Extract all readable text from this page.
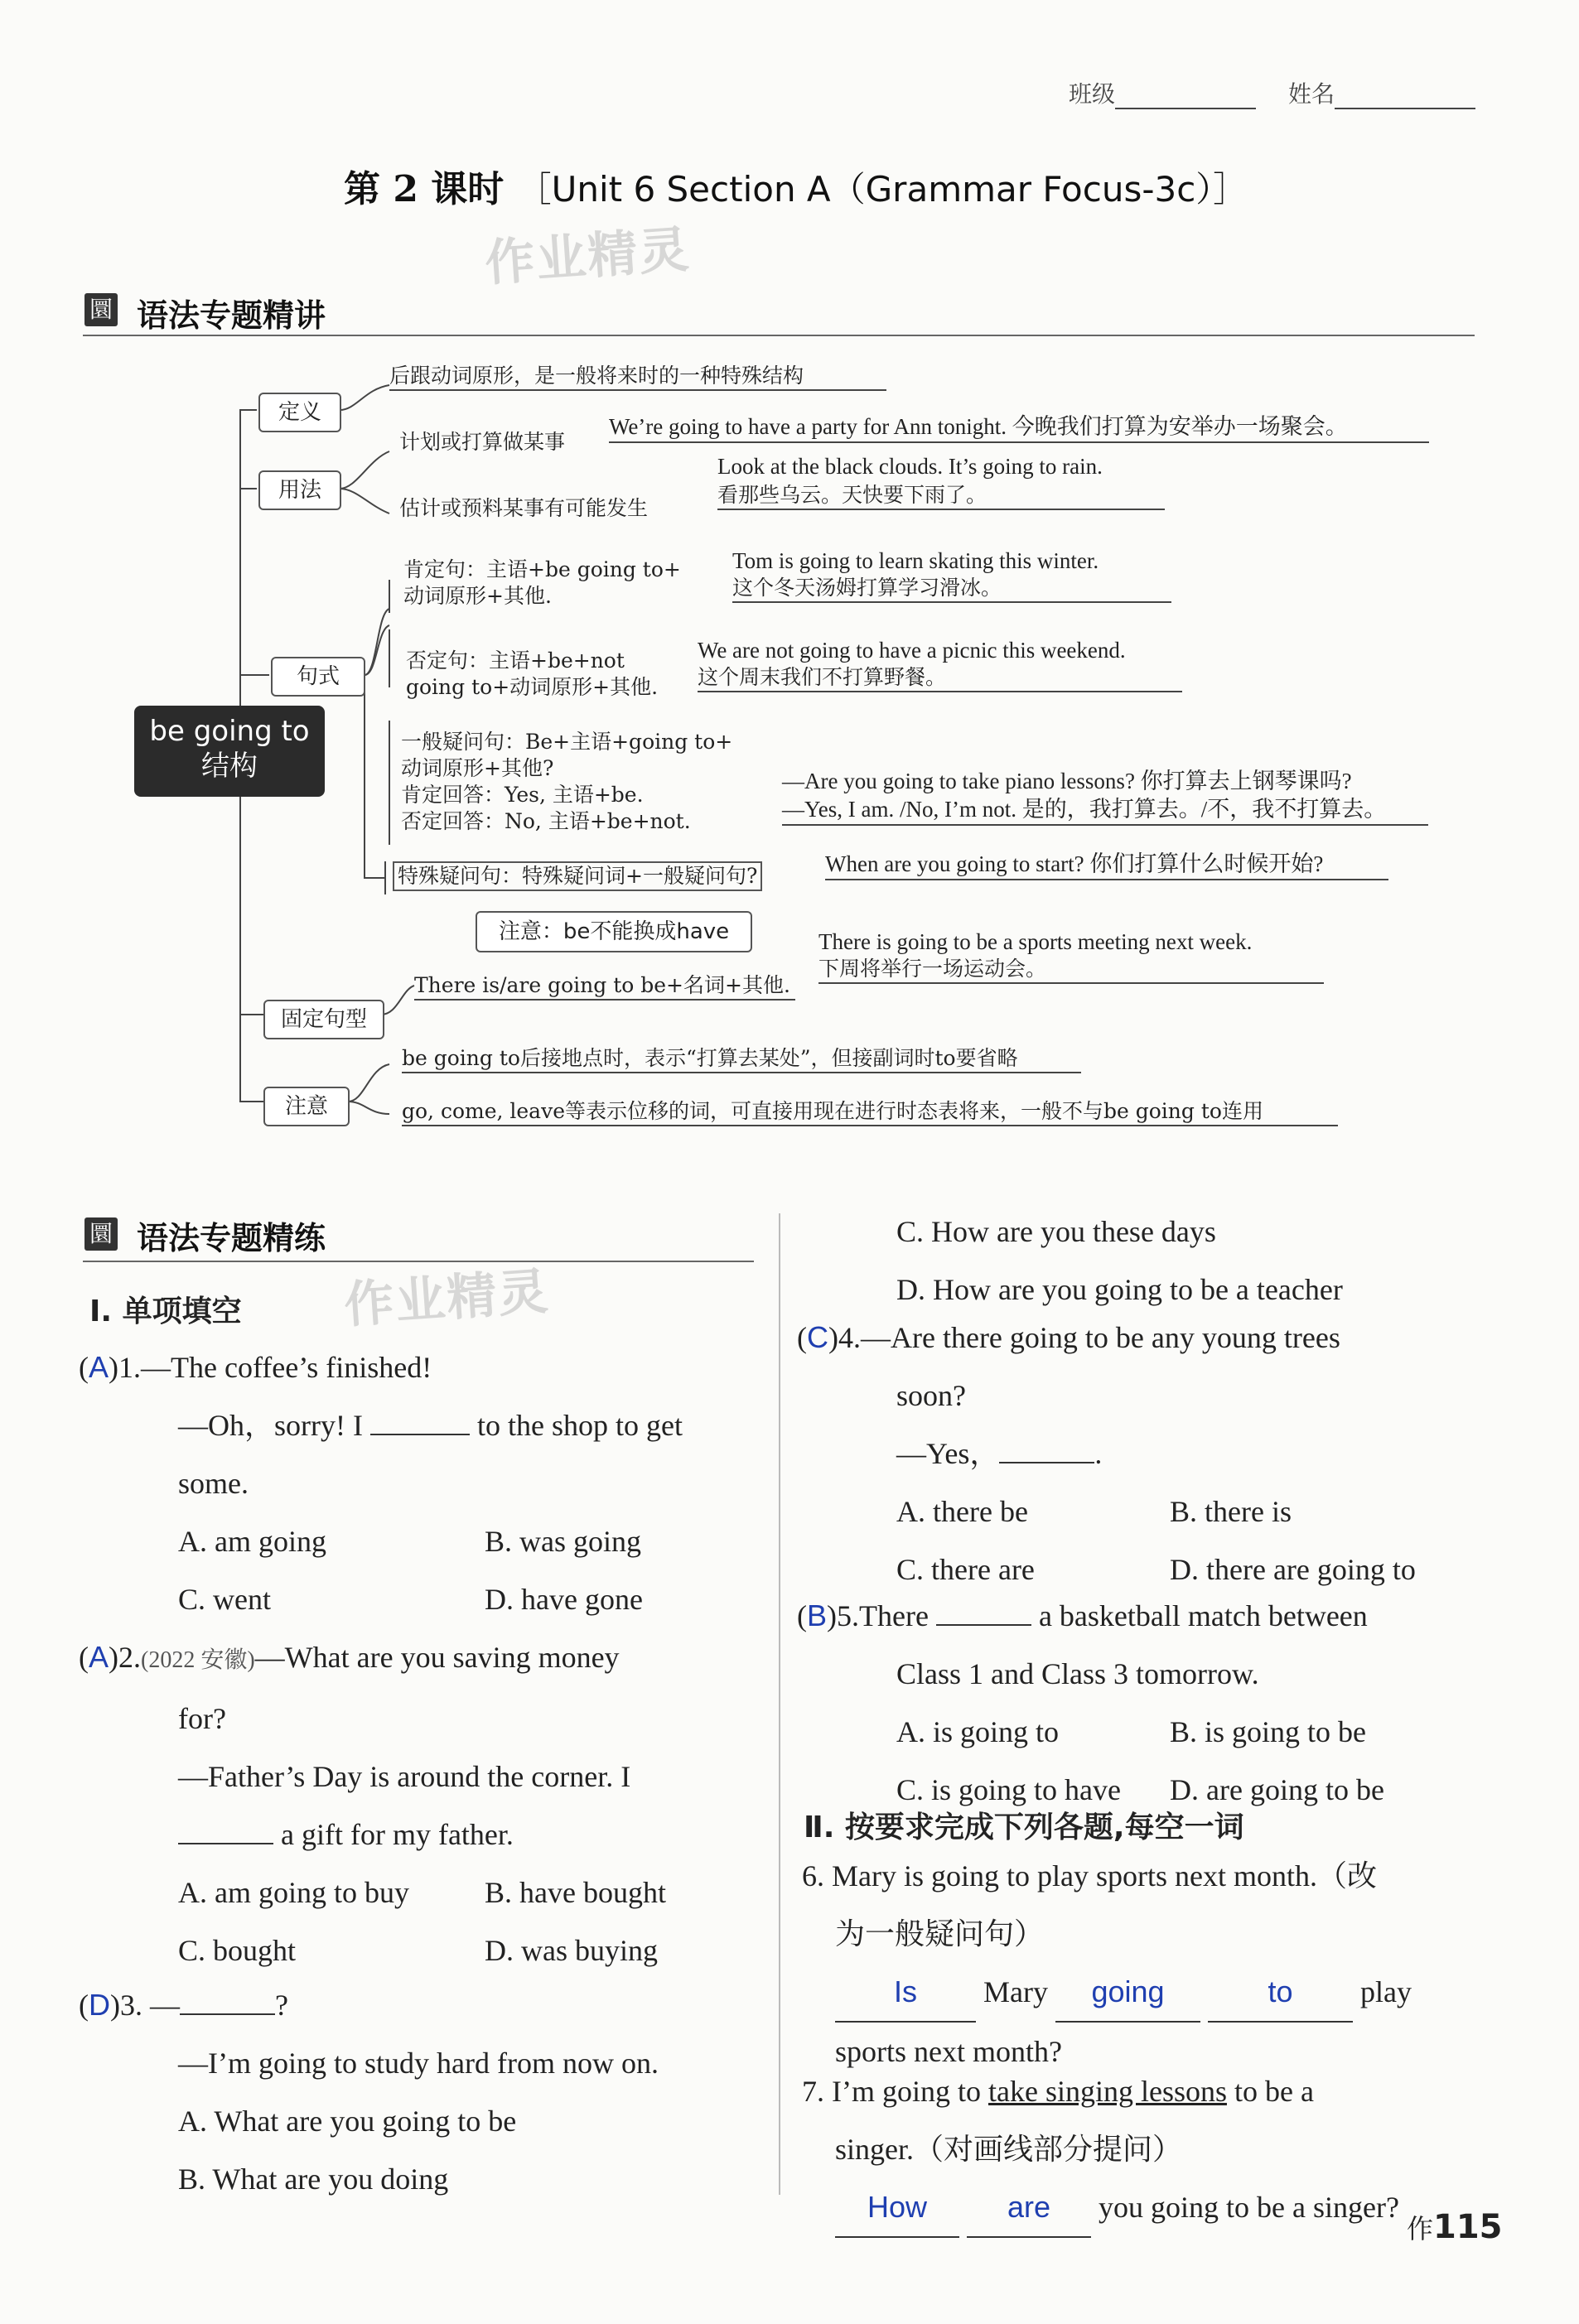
班级	姓名
第 2 课时 ［Unit 6 Section A（Grammar Focus-3c）］
作业精灵
圜 语法专题精讲
be going to
结构
定义
后跟动词原形，是一般将来时的一种特殊结构
用法
计划或打算做某事
We’re going to have a party for Ann tonight. 今晚我们打算为安举办一场聚会。
估计或预料某事有可能发生
Look at the black clouds. It’s going to rain.
看那些乌云。天快要下雨了。
句式
肯定句：主语+be going to+
动词原形+其他.
Tom is going to learn skating this winter.
这个冬天汤姆打算学习滑冰。
否定句：主语+be+not
going to+动词原形+其他.
We are not going to have a picnic this weekend.
这个周末我们不打算野餐。
一般疑问句：Be+主语+going to+
动词原形+其他?
肯定回答：Yes, 主语+be.
否定回答：No, 主语+be+not.
—Are you going to take piano lessons? 你打算去上钢琴课吗?
—Yes, I am. /No, I’m not. 是的，我打算去。/不，我不打算去。
特殊疑问句：特殊疑问词+一般疑问句?	When are you going to start? 你们打算什么时候开始?
固定句型
注意：be不能换成have
There is/are going to be+名词+其他.
There is going to be a sports meeting next week.
下周将举行一场运动会。
注意
be going to后接地点时，表示“打算去某处”，但接副词时to要省略
go, come, leave等表示位移的词，可直接用现在进行时态表将来，一般不与be going to连用
圜 语法专题精练
作业精灵
Ⅰ. 单项填空
(A)1.—The coffee’s finished!
—Oh，sorry! I	to the shop to get
some.
A. am going	B. was going
C. went	D. have gone
(A)2.(2022 安徽)—What are you saving money
for?
—Father’s Day is around the corner. I
a gift for my father.
A. am going to buy	B. have bought
C. bought	D. was buying
(D)3. —	?
—I’m going to study hard from now on.
A. What are you going to be
B. What are you doing
C. How are you these days
D. How are you going to be a teacher
(C)4.—Are there going to be any young trees
soon?
—Yes，	.
A. there be	B. there is
C. there are	D. there are going to
(B)5.There	a basketball match between
Class 1 and Class 3 tomorrow.
A. is going to	B. is going to be
C. is going to have D. are going to be
Ⅱ. 按要求完成下列各题,每空一词
6. Mary is going to play sports next month.（改
为一般疑问句）
Is Mary going	to play
sports next month?
7. I’m going to take singing lessons to be a
singer.（对画线部分提问）
How	are you going to be a singer?
作115
